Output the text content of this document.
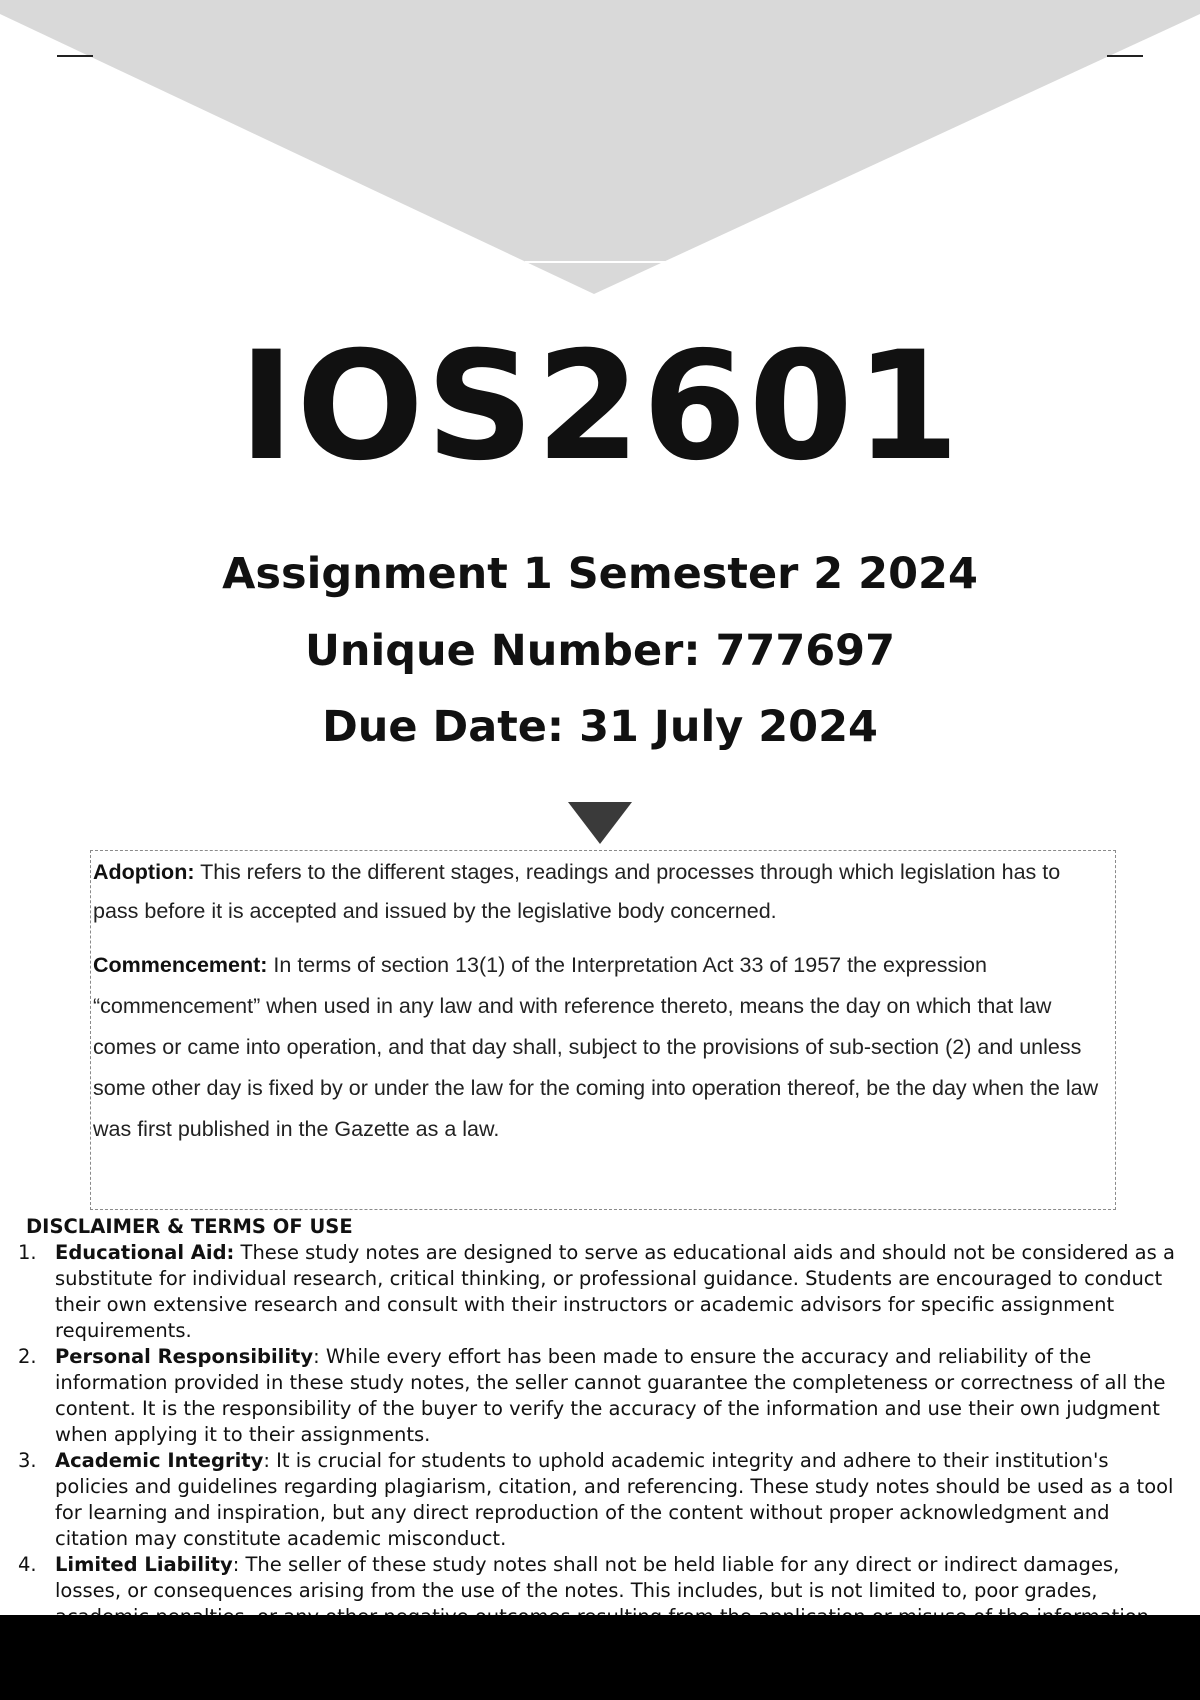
IOS2601
Assignment 1 Semester 2 2024
Unique Number: 777697
Due Date: 31 July 2024

Adoption: This refers to the different stages, readings and processes through which legislation has to pass before it is accepted and issued by the legislative body concerned.

Commencement: In terms of section 13(1) of the Interpretation Act 33 of 1957 the expression “commencement” when used in any law and with reference thereto, means the day on which that law comes or came into operation, and that day shall, subject to the provisions of sub-section (2) and unless some other day is fixed by or under the law for the coming into operation thereof, be the day when the law was first published in the Gazette as a law.

DISCLAIMER & TERMS OF USE
1. Educational Aid: These study notes are designed to serve as educational aids and should not be considered as a substitute for individual research, critical thinking, or professional guidance. Students are encouraged to conduct their own extensive research and consult with their instructors or academic advisors for specific assignment requirements.
2. Personal Responsibility: While every effort has been made to ensure the accuracy and reliability of the information provided in these study notes, the seller cannot guarantee the completeness or correctness of all the content. It is the responsibility of the buyer to verify the accuracy of the information and use their own judgment when applying it to their assignments.
3. Academic Integrity: It is crucial for students to uphold academic integrity and adhere to their institution's policies and guidelines regarding plagiarism, citation, and referencing. These study notes should be used as a tool for learning and inspiration, but any direct reproduction of the content without proper acknowledgment and citation may constitute academic misconduct.
4. Limited Liability: The seller of these study notes shall not be held liable for any direct or indirect damages, losses, or consequences arising from the use of the notes. This includes, but is not limited to, poor grades,
